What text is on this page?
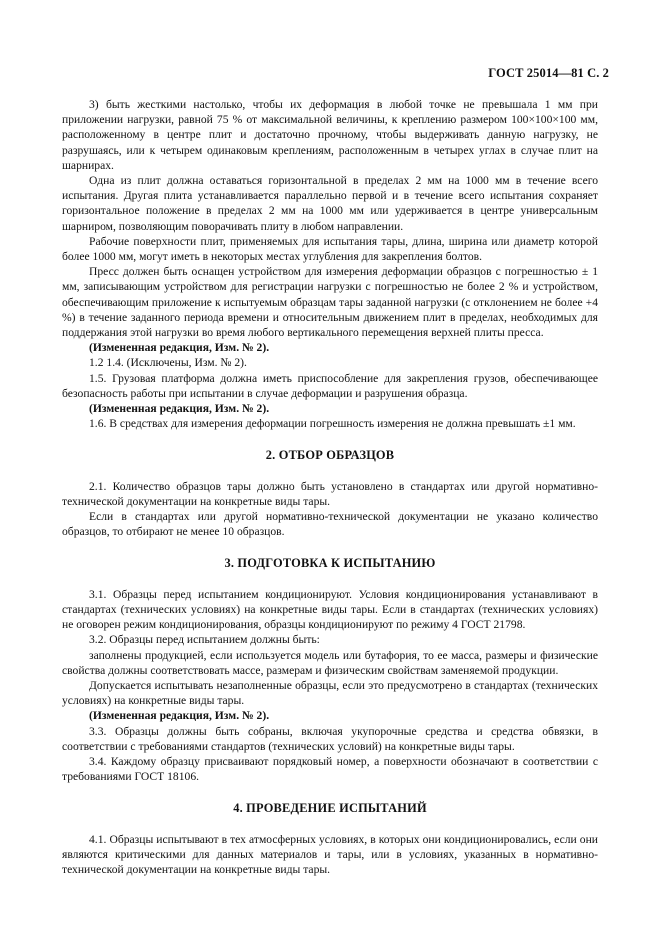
ГОСТ 25014—81 С. 2

3) быть жесткими настолько, чтобы их деформация в любой точке не превышала 1 мм при приложении нагрузки, равной 75 % от максимальной величины, к креплению размером 100×100×100 мм, расположенному в центре плит и достаточно прочному, чтобы выдерживать данную нагрузку, не разрушаясь, или к четырем одинаковым креплениям, расположенным в четырех углах в случае плит на шарнирах.

Одна из плит должна оставаться горизонтальной в пределах 2 мм на 1000 мм в течение всего испытания. Другая плита устанавливается параллельно первой и в течение всего испытания сохраняет горизонтальное положение в пределах 2 мм на 1000 мм или удерживается в центре универсальным шарниром, позволяющим поворачивать плиту в любом направлении.

Рабочие поверхности плит, применяемых для испытания тары, длина, ширина или диаметр которой более 1000 мм, могут иметь в некоторых местах углубления для закрепления болтов.

Пресс должен быть оснащен устройством для измерения деформации образцов с погрешностью ± 1 мм, записывающим устройством для регистрации нагрузки с погрешностью не более 2 % и устройством, обеспечивающим приложение к испытуемым образцам тары заданной нагрузки (с отклонением не более +4 %) в течение заданного периода времени и относительным движением плит в пределах, необходимых для поддержания этой нагрузки во время любого вертикального перемещения верхней плиты пресса.

(Измененная редакция, Изм. № 2).

1.2 1.4. (Исключены, Изм. № 2).

1.5. Грузовая платформа должна иметь приспособление для закрепления грузов, обеспечивающее безопасность работы при испытании в случае деформации и разрушения образца.

(Измененная редакция, Изм. № 2).

1.6. В средствах для измерения деформации погрешность измерения не должна превышать ±1 мм.

2. ОТБОР ОБРАЗЦОВ

2.1. Количество образцов тары должно быть установлено в стандартах или другой нормативно-технической документации на конкретные виды тары.

Если в стандартах или другой нормативно-технической документации не указано количество образцов, то отбирают не менее 10 образцов.

3. ПОДГОТОВКА К ИСПЫТАНИЮ

3.1. Образцы перед испытанием кондиционируют. Условия кондиционирования устанавливают в стандартах (технических условиях) на конкретные виды тары. Если в стандартах (технических условиях) не оговорен режим кондиционирования, образцы кондиционируют по режиму 4 ГОСТ 21798.

3.2. Образцы перед испытанием должны быть:

заполнены продукцией, если используется модель или бутафория, то ее масса, размеры и физические свойства должны соответствовать массе, размерам и физическим свойствам заменяемой продукции.

Допускается испытывать незаполненные образцы, если это предусмотрено в стандартах (технических условиях) на конкретные виды тары.

(Измененная редакция, Изм. № 2).

3.3. Образцы должны быть собраны, включая укупорочные средства и средства обвязки, в соответствии с требованиями стандартов (технических условий) на конкретные виды тары.

3.4. Каждому образцу присваивают порядковый номер, а поверхности обозначают в соответствии с требованиями ГОСТ 18106.

4. ПРОВЕДЕНИЕ ИСПЫТАНИЙ

4.1. Образцы испытывают в тех атмосферных условиях, в которых они кондиционировались, если они являются критическими для данных материалов и тары, или в условиях, указанных в нормативно-технической документации на конкретные виды тары.
